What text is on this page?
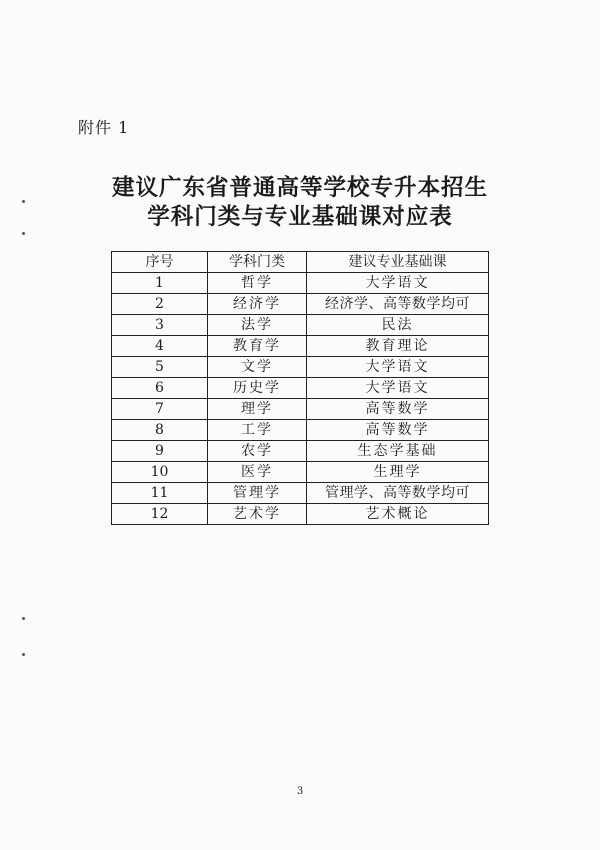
附件 1
建议广东省普通高等学校专升本招生
学科门类与专业基础课对应表
序号	学科门类	建议专业基础课
1	哲学	大学语文
2	经济学	经济学、高等数学均可
3	法学	民法
4	教育学	教育理论
5	文学	大学语文
6	历史学	大学语文
7	理学	高等数学
8	工学	高等数学
9	农学	生态学基础
10	医学	生理学
11	管理学	管理学、高等数学均可
12	艺术学	艺术概论
3
